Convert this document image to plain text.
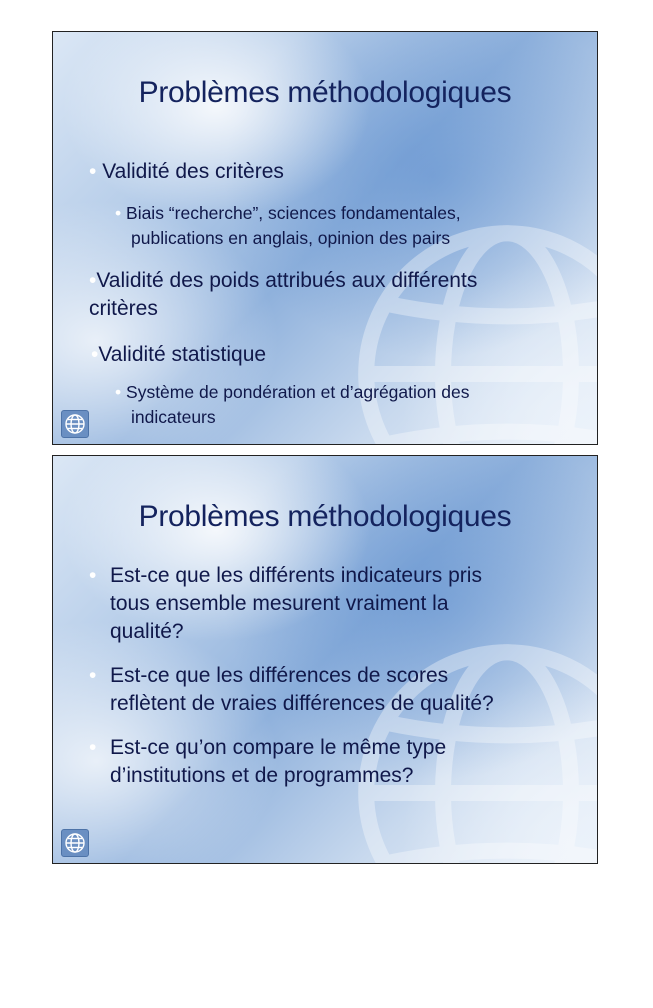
Problèmes méthodologiques
• Validité des critères
• Biais “recherche”, sciences fondamentales,
publications en anglais, opinion des pairs
•Validité des poids attribués aux différents
critères
•Validité statistique
• Système de pondération et d’agrégation des
indicateurs
Problèmes méthodologiques
• Est-ce que les différents indicateurs pris
tous ensemble mesurent vraiment la
qualité?
• Est-ce que les différences de scores
reflètent de vraies différences de qualité?
• Est-ce qu’on compare le même type
d’institutions et de programmes?
